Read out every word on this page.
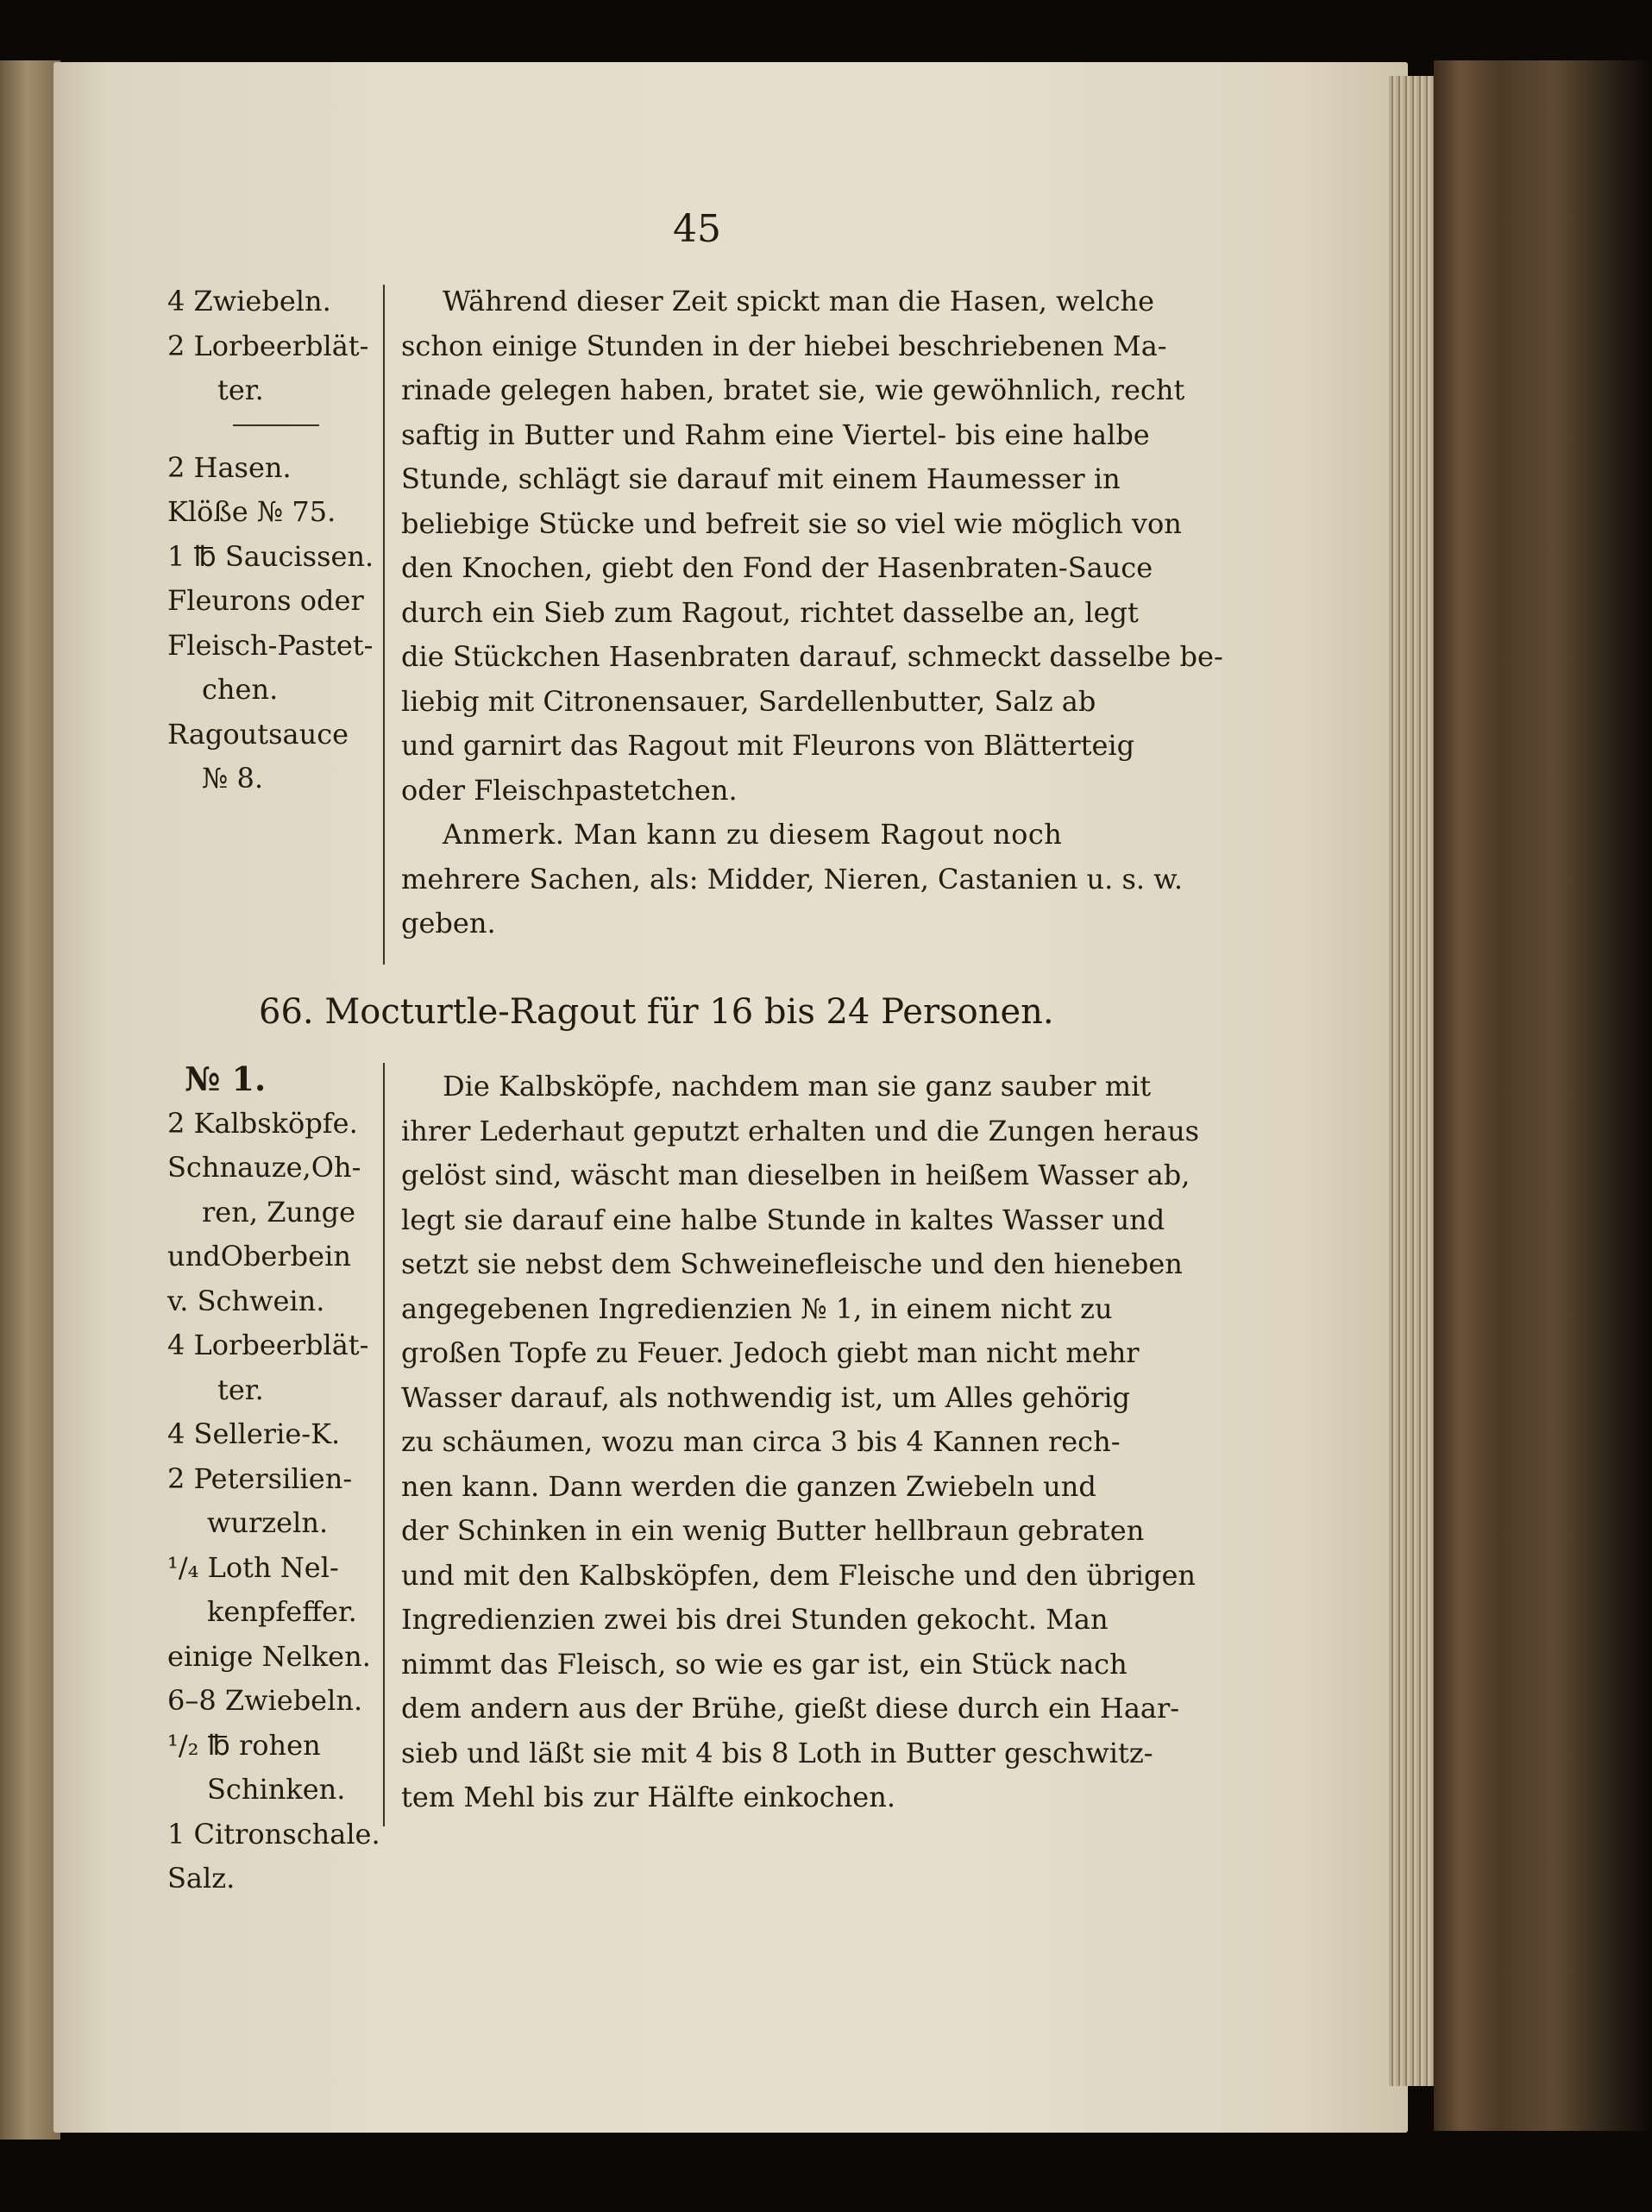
45
4 Zwiebeln.
2 Lorbeerblät-
ter.
2 Hasen.
Klöße № 75.
1 ℔ Saucissen.
Fleurons oder
Fleisch-Pastet-
chen.
Ragoutsauce
№ 8.
Während dieser Zeit spickt man die Hasen, welche
schon einige Stunden in der hiebei beschriebenen Ma-
rinade gelegen haben, bratet sie, wie gewöhnlich, recht
saftig in Butter und Rahm eine Viertel- bis eine halbe
Stunde, schlägt sie darauf mit einem Haumesser in
beliebige Stücke und befreit sie so viel wie möglich von
den Knochen, giebt den Fond der Hasenbraten-Sauce
durch ein Sieb zum Ragout, richtet dasselbe an, legt
die Stückchen Hasenbraten darauf, schmeckt dasselbe be-
liebig mit Citronensauer, Sardellenbutter, Salz ab
und garnirt das Ragout mit Fleurons von Blätterteig
oder Fleischpastetchen.
Anmerk. Man kann zu diesem Ragout noch
mehrere Sachen, als: Midder, Nieren, Castanien u. s. w.
geben.
66. Mocturtle-Ragout für 16 bis 24 Personen.
№ 1.
2 Kalbsköpfe.
Schnauze,Oh-
ren, Zunge
undOberbein
v. Schwein.
4 Lorbeerblät-
ter.
4 Sellerie-K.
2 Petersilien-
wurzeln.
¹/₄ Loth Nel-
kenpfeffer.
einige Nelken.
6–8 Zwiebeln.
¹/₂ ℔ rohen
Schinken.
1 Citronschale.
Salz.
Die Kalbsköpfe, nachdem man sie ganz sauber mit
ihrer Lederhaut geputzt erhalten und die Zungen heraus
gelöst sind, wäscht man dieselben in heißem Wasser ab,
legt sie darauf eine halbe Stunde in kaltes Wasser und
setzt sie nebst dem Schweinefleische und den hieneben
angegebenen Ingredienzien № 1, in einem nicht zu
großen Topfe zu Feuer. Jedoch giebt man nicht mehr
Wasser darauf, als nothwendig ist, um Alles gehörig
zu schäumen, wozu man circa 3 bis 4 Kannen rech-
nen kann. Dann werden die ganzen Zwiebeln und
der Schinken in ein wenig Butter hellbraun gebraten
und mit den Kalbsköpfen, dem Fleische und den übrigen
Ingredienzien zwei bis drei Stunden gekocht. Man
nimmt das Fleisch, so wie es gar ist, ein Stück nach
dem andern aus der Brühe, gießt diese durch ein Haar-
sieb und läßt sie mit 4 bis 8 Loth in Butter geschwitz-
tem Mehl bis zur Hälfte einkochen.
